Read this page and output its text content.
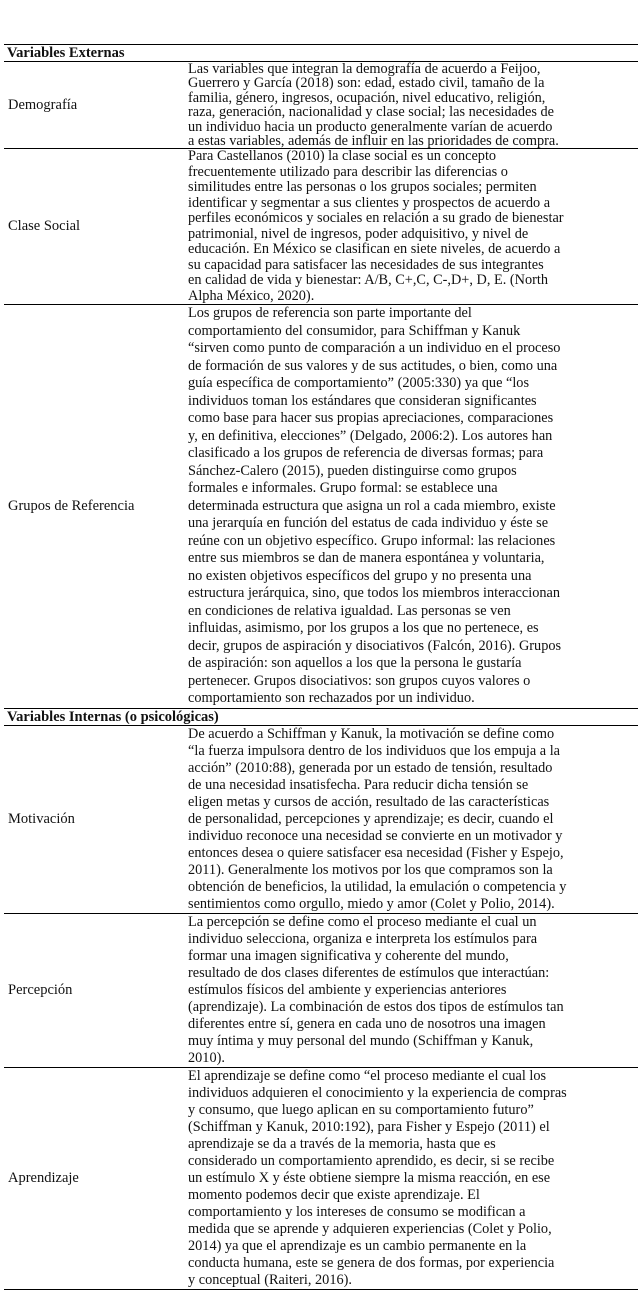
Variables Externas
Demografía
Las variables que integran la demografía de acuerdo a Feijoo,
Guerrero y García (2018) son: edad, estado civil, tamaño de la
familia, género, ingresos, ocupación, nivel educativo, religión,
raza, generación, nacionalidad y clase social; las necesidades de
un individuo hacia un producto generalmente varían de acuerdo
a estas variables, además de influir en las prioridades de compra.
Clase Social
Para Castellanos (2010) la clase social es un concepto
frecuentemente utilizado para describir las diferencias o
similitudes entre las personas o los grupos sociales; permiten
identificar y segmentar a sus clientes y prospectos de acuerdo a
perfiles económicos y sociales en relación a su grado de bienestar
patrimonial, nivel de ingresos, poder adquisitivo, y nivel de
educación. En México se clasifican en siete niveles, de acuerdo a
su capacidad para satisfacer las necesidades de sus integrantes
en calidad de vida y bienestar: A/B, C+,C, C-,D+, D, E. (North
Alpha México, 2020).
Grupos de Referencia
Los grupos de referencia son parte importante del
comportamiento del consumidor, para Schiffman y Kanuk
“sirven como punto de comparación a un individuo en el proceso
de formación de sus valores y de sus actitudes, o bien, como una
guía específica de comportamiento” (2005:330) ya que “los
individuos toman los estándares que consideran significantes
como base para hacer sus propias apreciaciones, comparaciones
y, en definitiva, elecciones” (Delgado, 2006:2). Los autores han
clasificado a los grupos de referencia de diversas formas; para
Sánchez-Calero (2015), pueden distinguirse como grupos
formales e informales. Grupo formal: se establece una
determinada estructura que asigna un rol a cada miembro, existe
una jerarquía en función del estatus de cada individuo y éste se
reúne con un objetivo específico. Grupo informal: las relaciones
entre sus miembros se dan de manera espontánea y voluntaria,
no existen objetivos específicos del grupo y no presenta una
estructura jerárquica, sino, que todos los miembros interaccionan
en condiciones de relativa igualdad. Las personas se ven
influidas, asimismo, por los grupos a los que no pertenece, es
decir, grupos de aspiración y disociativos (Falcón, 2016). Grupos
de aspiración: son aquellos a los que la persona le gustaría
pertenecer. Grupos disociativos: son grupos cuyos valores o
comportamiento son rechazados por un individuo.
Variables Internas (o psicológicas)
Motivación
De acuerdo a Schiffman y Kanuk, la motivación se define como
“la fuerza impulsora dentro de los individuos que los empuja a la
acción” (2010:88), generada por un estado de tensión, resultado
de una necesidad insatisfecha. Para reducir dicha tensión se
eligen metas y cursos de acción, resultado de las características
de personalidad, percepciones y aprendizaje; es decir, cuando el
individuo reconoce una necesidad se convierte en un motivador y
entonces desea o quiere satisfacer esa necesidad (Fisher y Espejo,
2011). Generalmente los motivos por los que compramos son la
obtención de beneficios, la utilidad, la emulación o competencia y
sentimientos como orgullo, miedo y amor (Colet y Polio, 2014).
Percepción
La percepción se define como el proceso mediante el cual un
individuo selecciona, organiza e interpreta los estímulos para
formar una imagen significativa y coherente del mundo,
resultado de dos clases diferentes de estímulos que interactúan:
estímulos físicos del ambiente y experiencias anteriores
(aprendizaje). La combinación de estos dos tipos de estímulos tan
diferentes entre sí, genera en cada uno de nosotros una imagen
muy íntima y muy personal del mundo (Schiffman y Kanuk,
2010).
Aprendizaje
El aprendizaje se define como “el proceso mediante el cual los
individuos adquieren el conocimiento y la experiencia de compras
y consumo, que luego aplican en su comportamiento futuro”
(Schiffman y Kanuk, 2010:192), para Fisher y Espejo (2011) el
aprendizaje se da a través de la memoria, hasta que es
considerado un comportamiento aprendido, es decir, si se recibe
un estímulo X y éste obtiene siempre la misma reacción, en ese
momento podemos decir que existe aprendizaje. El
comportamiento y los intereses de consumo se modifican a
medida que se aprende y adquieren experiencias (Colet y Polio,
2014) ya que el aprendizaje es un cambio permanente en la
conducta humana, este se genera de dos formas, por experiencia
y conceptual (Raiteri, 2016).
